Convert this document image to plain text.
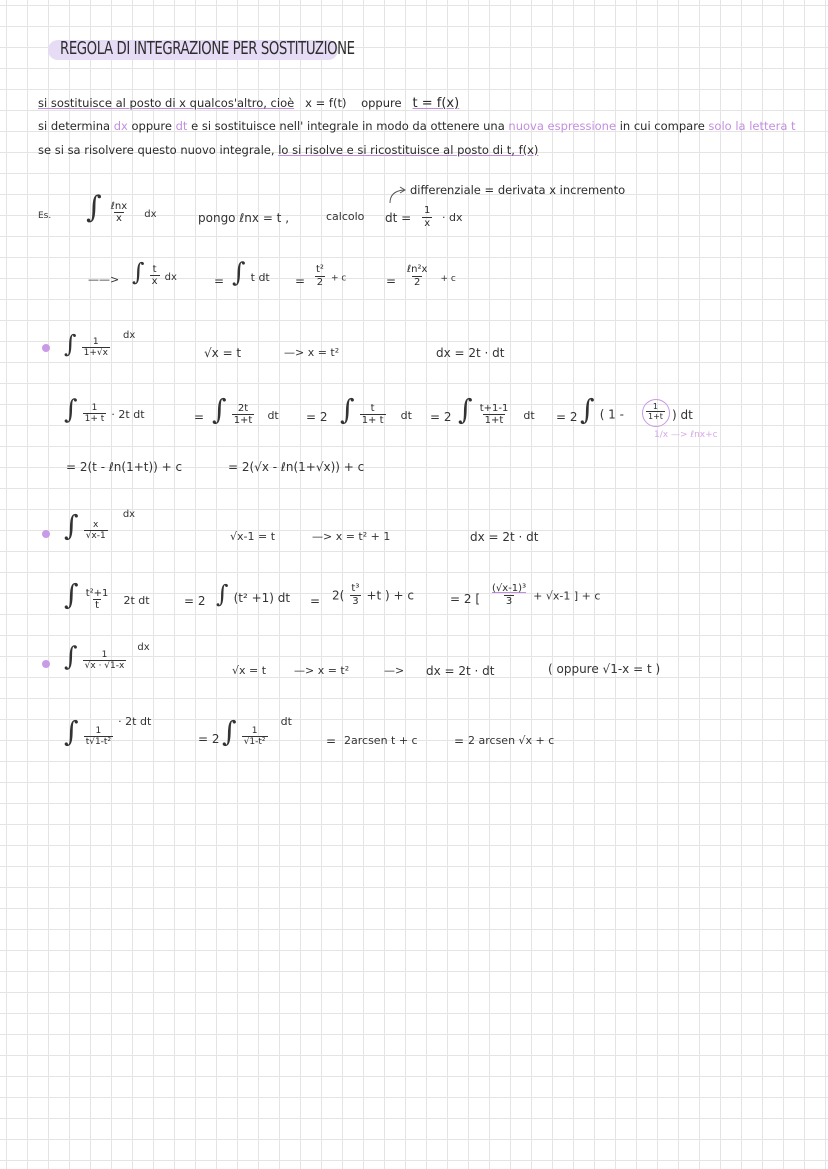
REGOLA DI INTEGRAZIONE PER SOSTITUZIONE
si sostituisce al posto di x qualcos'altro, cioè x = f(t) oppure t = f(x)
si determina dx oppure dt e si sostituisce nell' integrale in modo da ottenere una nuova espressione in cui compare solo la lettera t
se si sa risolvere questo nuovo integrale, lo si risolve e si ricostituisce al posto di t, f(x)
differenziale = derivata x incremento
Es. ∫ $\frac{\text{ℓnx}}{x}$ dx	pongo ℓnx = t ,	calcolo dt = $\frac{1}{x}$ · dx
——> ∫ $\frac{t}{x}$ dx	= ∫ t dt = $\frac{\text{t²}}{2} + c$	= $\frac{\text{ℓn²x}}{2} + c$
∫ $\frac{1}{1+√x}$
$^{dx}$
√x = t	—> x = t²	dx = 2t · dt
∫ $\frac{1}{1+ t} \cdot 2t$ dt	= ∫ $\frac{2t}{1+t}$ dt = 2 ∫ $\frac{t}{1+ t}$ dt = 2 ∫ $\frac{t+1-1}{1+t}$ dt = 2 ∫ ( 1 -	$\frac{1}{1+t}$ ) dt
1/x —> ℓnx+c
= 2(t - ℓn(1+t)) + c	= 2(√x - ℓn(1+√x)) + c
∫ $\frac{x}{√x-1}$
$^{dx}$
√x-1 = t	—> x = t² + 1	dx = 2t · dt
∫ $\frac{\text{t²+1}}{t} 2t$ dt	= 2 ∫ (t² +1) dt = $2( \frac{\text{t³}}{3} +t$ ) + c	= 2 [ $\frac{\text{(√x-1)³}}{3} + √x-1$ ] + c
∫ $\frac{1}{√x \cdot √1-x}$
$^{dx}$
√x = t	—> x = t²	—> dx = 2t · dt	( oppure √1-x = t )
∫ $\frac{1}{\text{t√1-t²}}$
$^{\cdot 2t dt}$
= 2 ∫ $\frac{1}{\text{√1-t²}}$
$^{dt}$
= 2arcsen t + c	= 2 arcsen √x + c
